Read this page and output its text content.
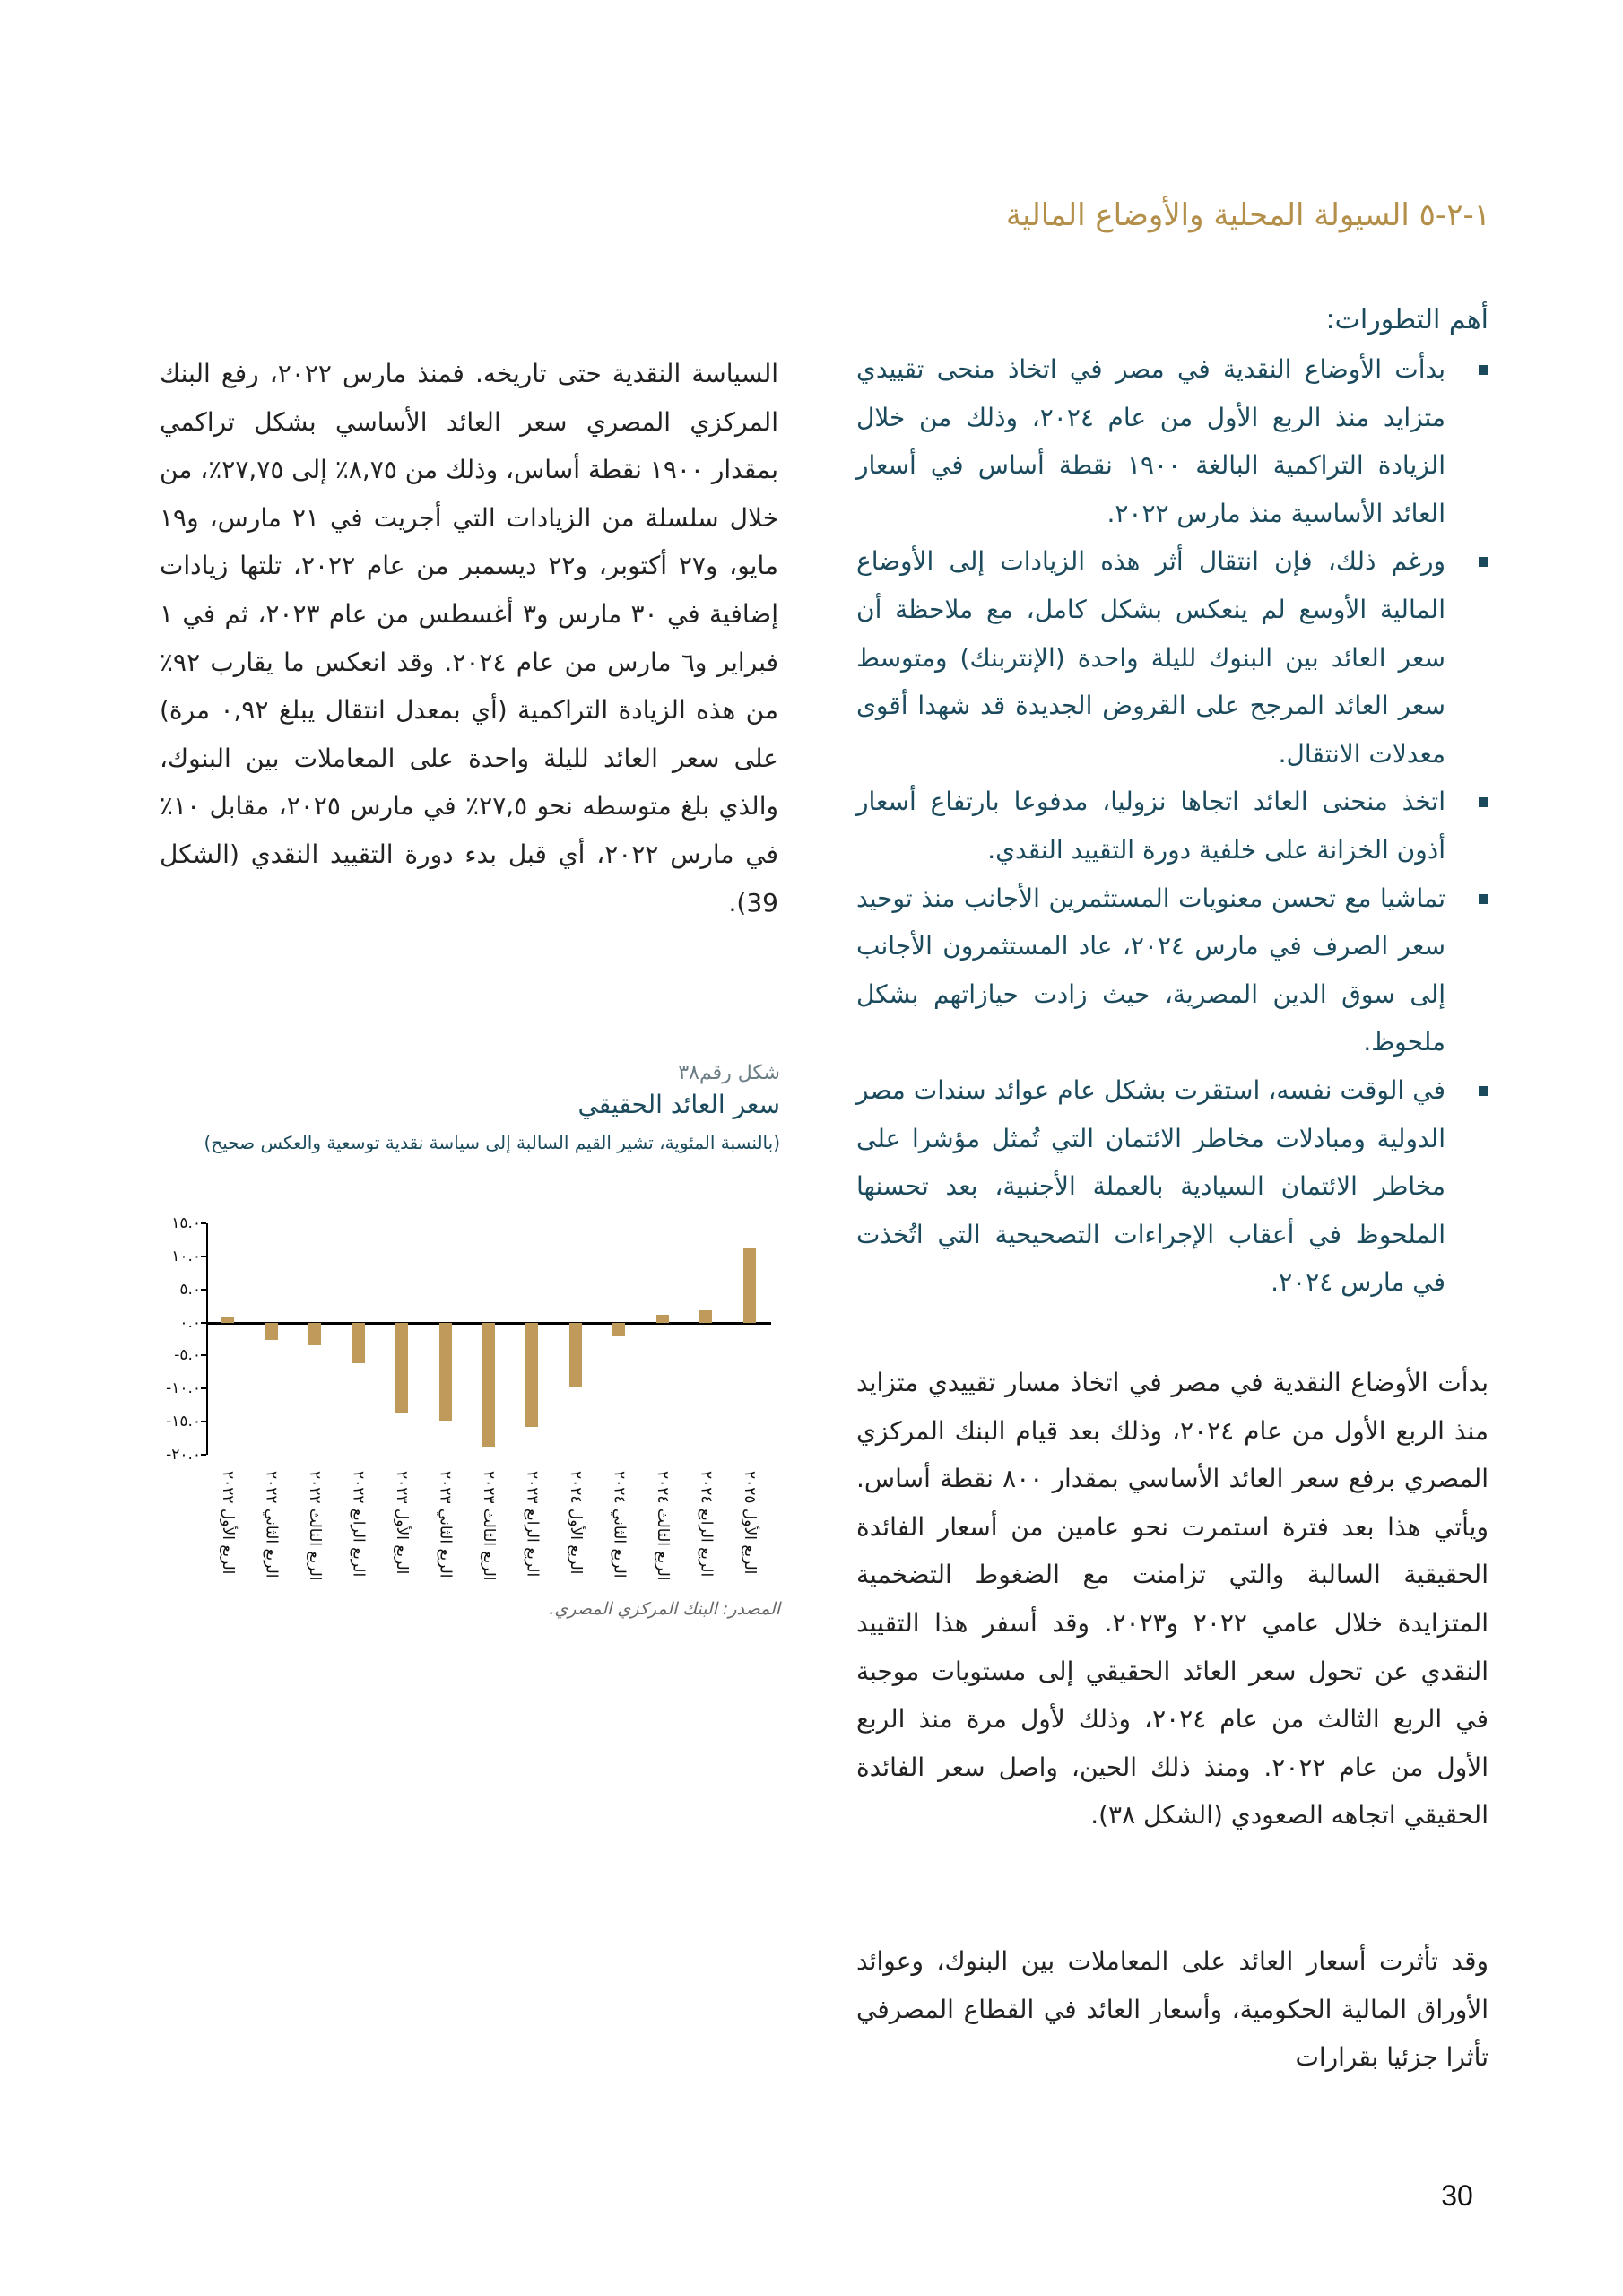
١-٢-٥ السيولة المحلية والأوضاع المالية
أهم التطورات:
بدأت الأوضاع النقدية في مصر في اتخاذ منحى تقييدي متزايد منذ الربع الأول من عام ٢٠٢٤، وذلك من خلال الزيادة التراكمية البالغة ١٩٠٠ نقطة أساس في أسعار العائد الأساسية منذ مارس ٢٠٢٢.
ورغم ذلك، فإن انتقال أثر هذه الزيادات إلى الأوضاع المالية الأوسع لم ينعكس بشكل كامل، مع ملاحظة أن سعر العائد بين البنوك لليلة واحدة (الإنتربنك) ومتوسط سعر العائد المرجح على القروض الجديدة قد شهدا أقوى معدلات الانتقال.
اتخذ منحنى العائد اتجاها نزوليا، مدفوعا بارتفاع أسعار أذون الخزانة على خلفية دورة التقييد النقدي.
تماشيا مع تحسن معنويات المستثمرين الأجانب منذ توحيد سعر الصرف في مارس ٢٠٢٤، عاد المستثمرون الأجانب إلى سوق الدين المصرية، حيث زادت حيازاتهم بشكل ملحوظ.
في الوقت نفسه، استقرت بشكل عام عوائد سندات مصر الدولية ومبادلات مخاطر الائتمان التي تُمثل مؤشرا على مخاطر الائتمان السيادية بالعملة الأجنبية، بعد تحسنها الملحوظ في أعقاب الإجراءات التصحيحية التي اتُخذت في مارس ٢٠٢٤.

بدأت الأوضاع النقدية في مصر في اتخاذ مسار تقييدي متزايد منذ الربع الأول من عام ٢٠٢٤، وذلك بعد قيام البنك المركزي المصري برفع سعر العائد الأساسي بمقدار ٨٠٠ نقطة أساس. ويأتي هذا بعد فترة استمرت نحو عامين من أسعار الفائدة الحقيقية السالبة والتي تزامنت مع الضغوط التضخمية المتزايدة خلال عامي ٢٠٢٢ و٢٠٢٣. وقد أسفر هذا التقييد النقدي عن تحول سعر العائد الحقيقي إلى مستويات موجبة في الربع الثالث من عام ٢٠٢٤، وذلك لأول مرة منذ الربع الأول من عام ٢٠٢٢. ومنذ ذلك الحين، واصل سعر الفائدة الحقيقي اتجاهه الصعودي (الشكل ٣٨).

وقد تأثرت أسعار العائد على المعاملات بين البنوك، وعوائد الأوراق المالية الحكومية، وأسعار العائد في القطاع المصرفي تأثرا جزئيا بقرارات

السياسة النقدية حتى تاريخه. فمنذ مارس ٢٠٢٢، رفع البنك المركزي المصري سعر العائد الأساسي بشكل تراكمي بمقدار ١٩٠٠ نقطة أساس، وذلك من ٨,٧٥٪ إلى ٢٧,٧٥٪، من خلال سلسلة من الزيادات التي أجريت في ٢١ مارس، و١٩ مايو، و٢٧ أكتوبر، و٢٢ ديسمبر من عام ٢٠٢٢، تلتها زيادات إضافية في ٣٠ مارس و٣ أغسطس من عام ٢٠٢٣، ثم في ١ فبراير و٦ مارس من عام ٢٠٢٤. وقد انعكس ما يقارب ٩٢٪ من هذه الزيادة التراكمية (أي بمعدل انتقال يبلغ ٠,٩٢ مرة) على سعر العائد لليلة واحدة على المعاملات بين البنوك، والذي بلغ متوسطه نحو ٢٧,٥٪ في مارس ٢٠٢٥، مقابل ١٠٪ في مارس ٢٠٢٢، أي قبل بدء دورة التقييد النقدي (الشكل 39).

شكل رقم٣٨
سعر العائد الحقيقي
(بالنسبة المئوية، تشير القيم السالبة إلى سياسة نقدية توسعية والعكس صحيح)
١٥.٠
١٠.٠
٥.٠
٠.٠
-٥.٠
-١٠.٠
-١٥.٠
-٢٠.٠
الربع الأول ٢٠٢٢
الربع الثاني ٢٠٢٢
الربع الثالث ٢٠٢٢
الربع الرابع ٢٠٢٢
الربع الأول ٢٠٢٣
الربع الثاني ٢٠٢٣
الربع الثالث ٢٠٢٣
الربع الرابع ٢٠٢٣
الربع الأول ٢٠٢٤
الربع الثاني ٢٠٢٤
الربع الثالث ٢٠٢٤
الربع الرابع ٢٠٢٤
الربع الأول ٢٠٢٥
المصدر: البنك المركزي المصري.
30
